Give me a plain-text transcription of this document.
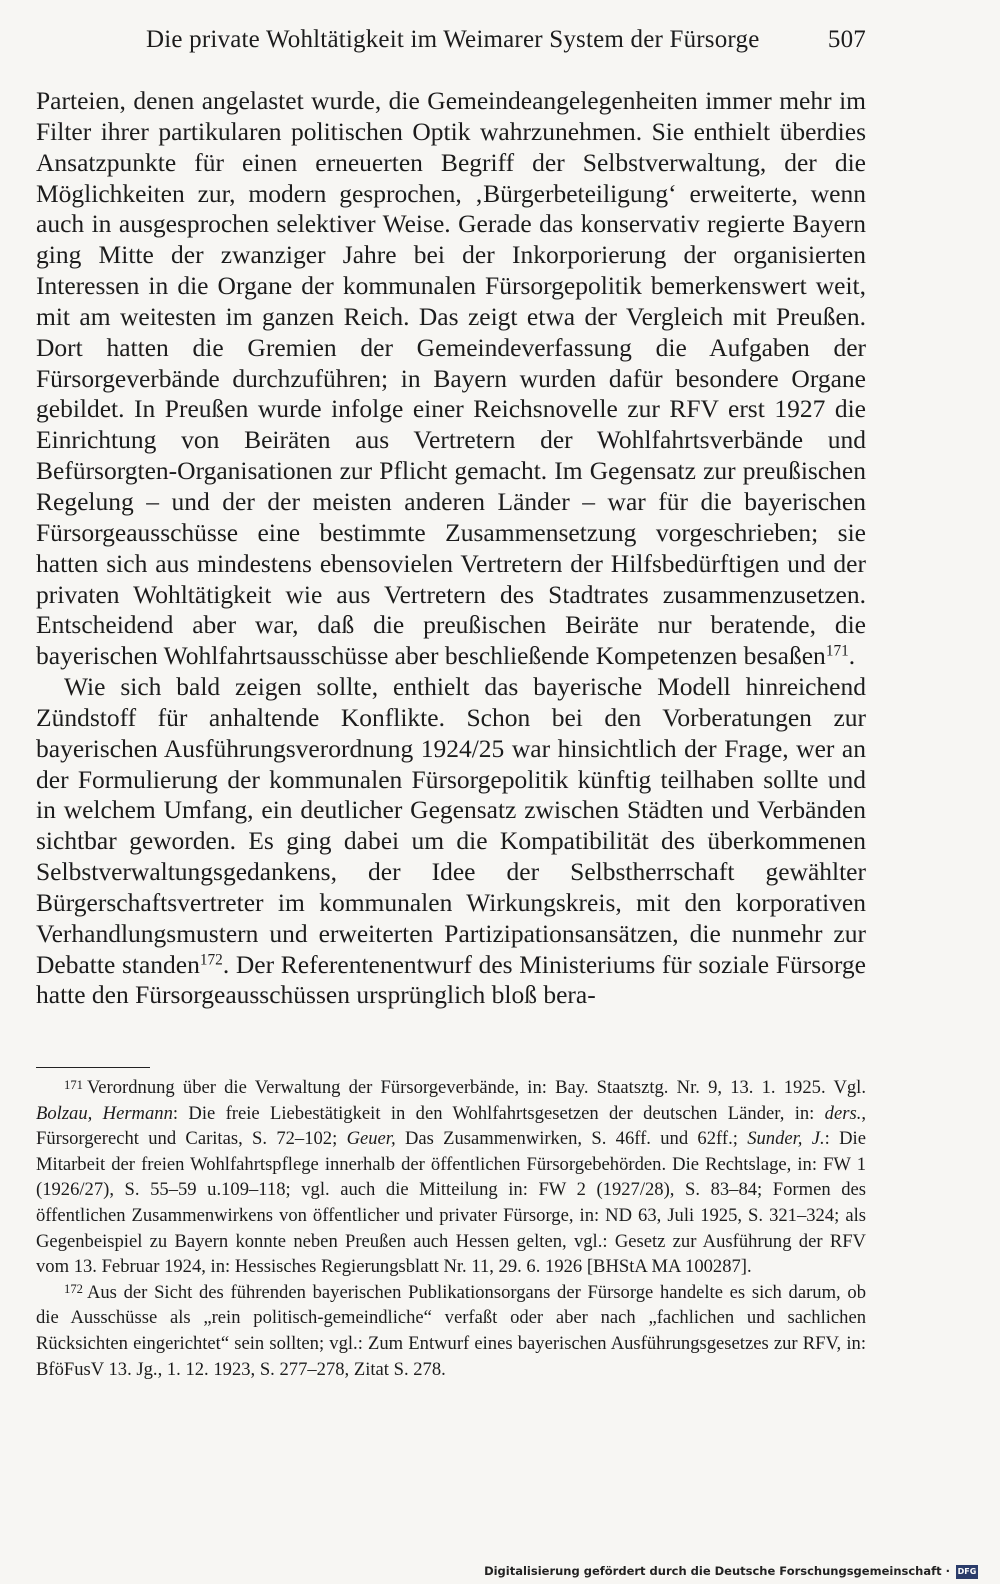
Die private Wohltätigkeit im Weimarer System der Fürsorge	507

Parteien, denen angelastet wurde, die Gemeindeangelegenheiten immer mehr im Filter ihrer partikularen politischen Optik wahrzunehmen. Sie enthielt überdies Ansatzpunkte für einen erneuerten Begriff der Selbstverwaltung, der die Möglichkeiten zur, modern gesprochen, ‚Bürgerbeteiligung‘ erweiterte, wenn auch in ausgesprochen selektiver Weise. Gerade das konservativ regierte Bayern ging Mitte der zwanziger Jahre bei der Inkorporierung der organisierten Interessen in die Organe der kommunalen Fürsorgepolitik bemerkenswert weit, mit am weitesten im ganzen Reich. Das zeigt etwa der Vergleich mit Preußen. Dort hatten die Gremien der Gemeindeverfassung die Aufgaben der Fürsorgeverbände durchzuführen; in Bayern wurden dafür besondere Organe gebildet. In Preußen wurde infolge einer Reichsnovelle zur RFV erst 1927 die Einrichtung von Beiräten aus Vertretern der Wohlfahrtsverbände und Befürsorgten-Organisationen zur Pflicht gemacht. Im Gegensatz zur preußischen Regelung – und der der meisten anderen Länder – war für die bayerischen Fürsorgeausschüsse eine bestimmte Zusammensetzung vorgeschrieben; sie hatten sich aus mindestens ebensovielen Vertretern der Hilfsbedürftigen und der privaten Wohltätigkeit wie aus Vertretern des Stadtrates zusammenzusetzen. Entscheidend aber war, daß die preußischen Beiräte nur beratende, die bayerischen Wohlfahrtsausschüsse aber beschließende Kompetenzen besaßen$^{171}$.

Wie sich bald zeigen sollte, enthielt das bayerische Modell hinreichend Zündstoff für anhaltende Konflikte. Schon bei den Vorberatungen zur bayerischen Ausführungsverordnung 1924/25 war hinsichtlich der Frage, wer an der Formulierung der kommunalen Fürsorgepolitik künftig teilhaben sollte und in welchem Umfang, ein deutlicher Gegensatz zwischen Städten und Verbänden sichtbar geworden. Es ging dabei um die Kompatibilität des überkommenen Selbstverwaltungsgedankens, der Idee der Selbstherrschaft gewählter Bürgerschaftsvertreter im kommunalen Wirkungskreis, mit den korporativen Verhandlungsmustern und erweiterten Partizipationsansätzen, die nunmehr zur Debatte standen$^{172}$. Der Referentenentwurf des Ministeriums für soziale Fürsorge hatte den Fürsorgeausschüssen ursprünglich bloß bera-

$^{171}$ Verordnung über die Verwaltung der Fürsorgeverbände, in: Bay. Staatsztg. Nr. 9, 13. 1. 1925. Vgl. Bolzau, Hermann: Die freie Liebestätigkeit in den Wohlfahrtsgesetzen der deutschen Länder, in: ders., Fürsorgerecht und Caritas, S. 72–102; Geuer, Das Zusammenwirken, S. 46ff. und 62ff.; Sunder, J.: Die Mitarbeit der freien Wohlfahrtspflege innerhalb der öffentlichen Fürsorgebehörden. Die Rechtslage, in: FW 1 (1926/27), S. 55–59 u.109–118; vgl. auch die Mitteilung in: FW 2 (1927/28), S. 83–84; Formen des öffentlichen Zusammenwirkens von öffentlicher und privater Fürsorge, in: ND 63, Juli 1925, S. 321–324; als Gegenbeispiel zu Bayern konnte neben Preußen auch Hessen gelten, vgl.: Gesetz zur Ausführung der RFV vom 13. Februar 1924, in: Hessisches Regierungsblatt Nr. 11, 29. 6. 1926 [BHStA MA 100287].

$^{172}$ Aus der Sicht des führenden bayerischen Publikationsorgans der Fürsorge handelte es sich darum, ob die Ausschüsse als „rein politisch-gemeindliche“ verfaßt oder aber nach „fachlichen und sachlichen Rücksichten eingerichtet“ sein sollten; vgl.: Zum Entwurf eines bayerischen Ausführungsgesetzes zur RFV, in: BföFusV 13. Jg., 1. 12. 1923, S. 277–278, Zitat S. 278.

Digitalisierung gefördert durch die Deutsche Forschungsgemeinschaft · DFG
